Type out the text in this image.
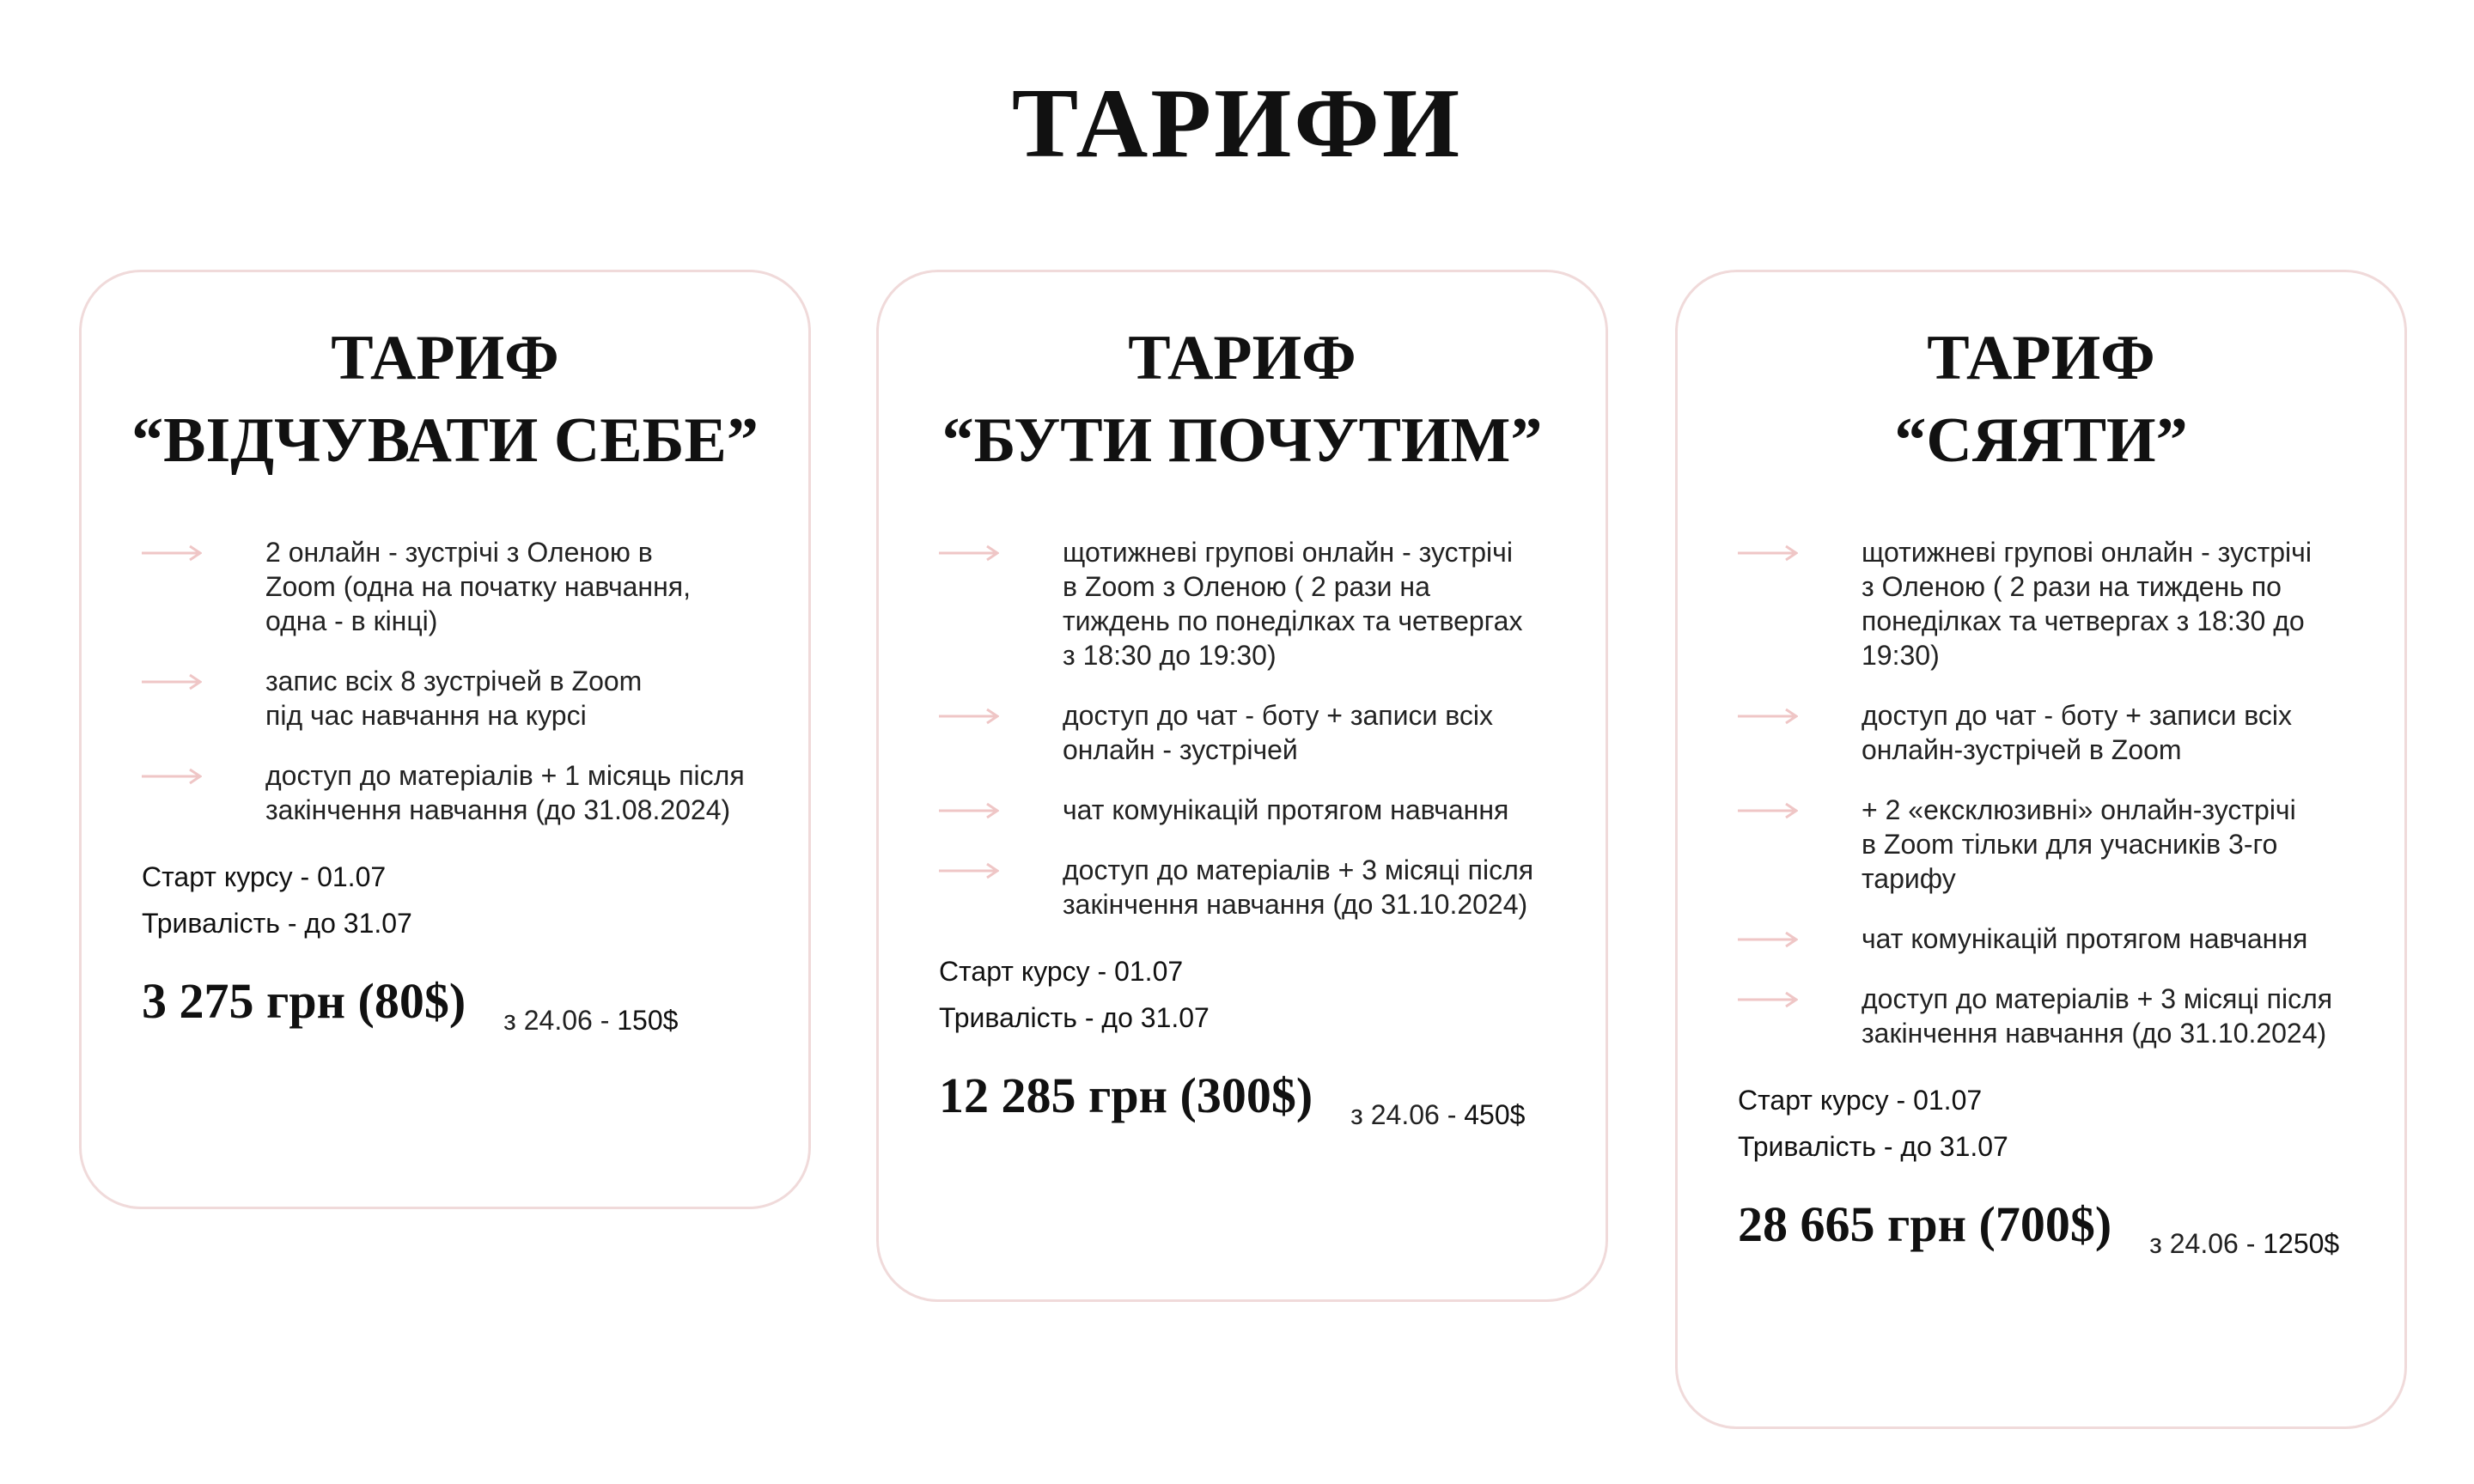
ТАРИФИ
ТАРИФ
“ВІДЧУВАТИ СЕБЕ”
2 онлайн - зустрічі з Оленою в
Zoom (одна на початку навчання,
одна - в кінці)
запис всіх 8 зустрічей в Zoom
під час навчання на курсі
доступ до матеріалів + 1 місяць після
закінчення навчання (до 31.08.2024)
Старт курсу - 01.07
Тривалість - до 31.07
3 275 грн (80$) з 24.06 - 150$
ТАРИФ
“БУТИ ПОЧУТИМ”
щотижневі групові онлайн - зустрічі
в Zoom з Оленою ( 2 рази на
тиждень по понеділках та четвергах
з 18:30 до 19:30)
доступ до чат - боту + записи всіх
онлайн - зустрічей
чат комунікацій протягом навчання
доступ до матеріалів + 3 місяці після
закінчення навчання (до 31.10.2024)
Старт курсу - 01.07
Тривалість - до 31.07
12 285 грн (300$) з 24.06 - 450$
ТАРИФ
“СЯЯТИ”
щотижневі групові онлайн - зустрічі
з Оленою ( 2 рази на тиждень по
понеділках та четвергах з 18:30 до
19:30)
доступ до чат - боту + записи всіх
онлайн-зустрічей в Zoom
+ 2 «ексклюзивні» онлайн-зустрічі
в Zoom тільки для учасників 3-го
тарифу
чат комунікацій протягом навчання
доступ до матеріалів + 3 місяці після
закінчення навчання (до 31.10.2024)
Старт курсу - 01.07
Тривалість - до 31.07
28 665 грн (700$) з 24.06 - 1250$
